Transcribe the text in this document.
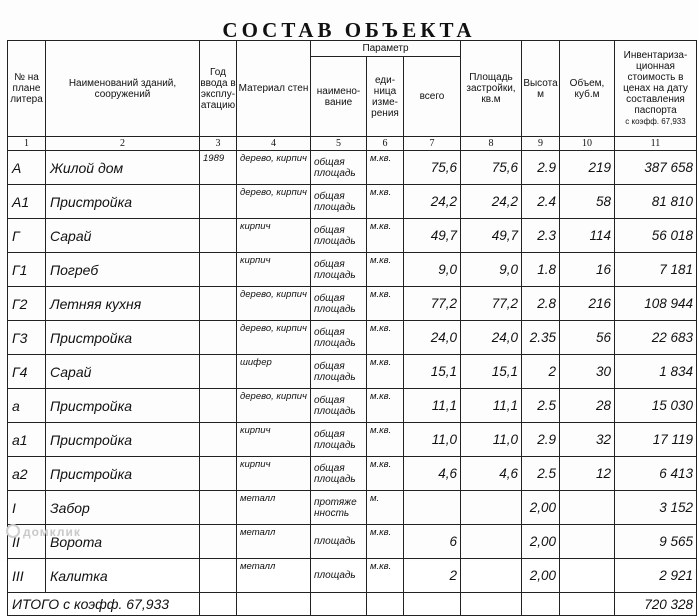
СОСТАВ ОБЪЕКТА
№ на плане литера	Наименований зданий, сооружений	Год ввода в эксплу-атацию	Материал стен	Параметр			Площадь застройки, кв.м	Высота м	Объем, куб.м	Инвентариза-ционная стоимость в ценах на дату составления паспорта
с коэфф. 67,933
				наимено-вание	еди-ница изме-рения	всего				
1	2	3	4	5	6	7	8	9	10	11
А	Жилой дом	1989	дерево, кирпич	общая площадь	м.кв.	75,6	75,6	2.9	219	387 658
А1	Пристройка		дерево, кирпич	общая площадь	м.кв.	24,2	24,2	2.4	58	81 810
Г	Сарай		кирпич	общая площадь	м.кв.	49,7	49,7	2.3	114	56 018
Г1	Погреб		кирпич	общая площадь	м.кв.	9,0	9,0	1.8	16	7 181
Г2	Летняя кухня		дерево, кирпич	общая площадь	м.кв.	77,2	77,2	2.8	216	108 944
Г3	Пристройка		дерево, кирпич	общая площадь	м.кв.	24,0	24,0	2.35	56	22 683
Г4	Сарай		шифер	общая площадь	м.кв.	15,1	15,1	2	30	1 834
а	Пристройка		дерево, кирпич	общая площадь	м.кв.	11,1	11,1	2.5	28	15 030
а1	Пристройка		кирпич	общая площадь	м.кв.	11,0	11,0	2.9	32	17 119
а2	Пристройка		кирпич	общая площадь	м.кв.	4,6	4,6	2.5	12	6 413
I	Забор		металл	протяже нность	м.			2,00		3 152
II	Ворота		металл	площадь	м.кв.	6		2,00		9 565
III	Калитка		металл	площадь	м.кв.	2		2,00		2 921
ИТОГО с коэфф. 67,933										720 328
домклик
